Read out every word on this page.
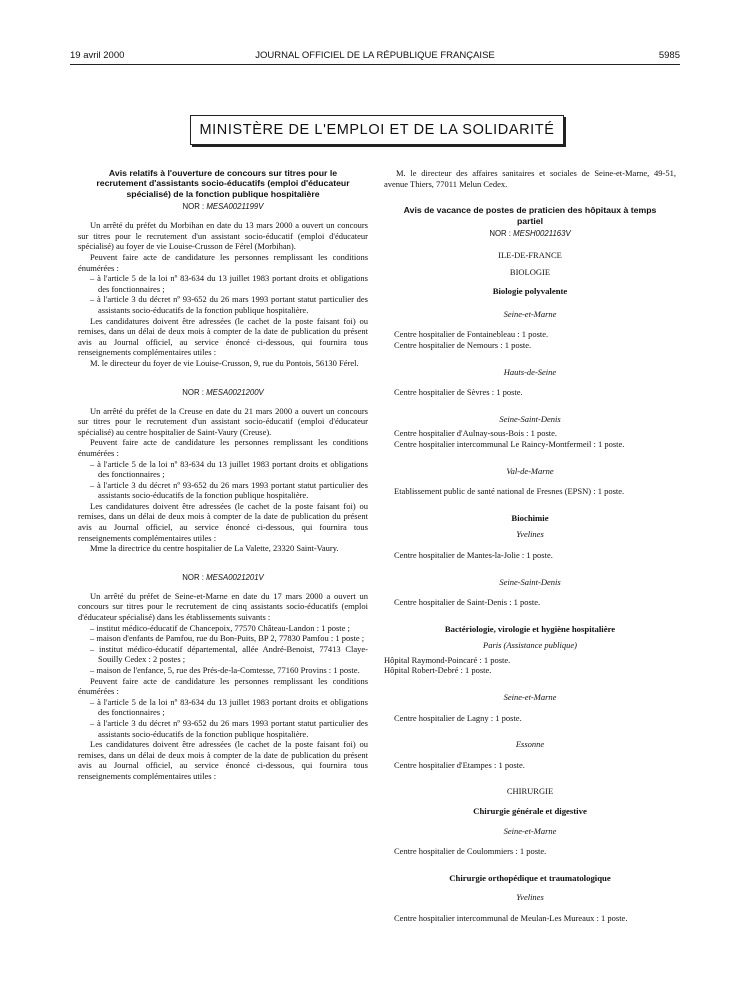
19 avril 2000	JOURNAL OFFICIEL DE LA RÉPUBLIQUE FRANÇAISE	5985
MINISTÈRE DE L'EMPLOI ET DE LA SOLIDARITÉ
Avis relatifs à l'ouverture de concours sur titres pour le recrutement d'assistants socio-éducatifs (emploi d'éducateur spécialisé) de la fonction publique hospitalière
NOR : MESA0021199V

Un arrêté du préfet du Morbihan en date du 13 mars 2000 a ouvert un concours sur titres pour le recrutement d'un assistant socio-éducatif (emploi d'éducateur spécialisé) au foyer de vie Louise-Crusson de Férel (Morbihan).

Peuvent faire acte de candidature les personnes remplissant les conditions énumérées :

– à l'article 5 de la loi nº 83-634 du 13 juillet 1983 portant droits et obligations des fonctionnaires ;
– à l'article 3 du décret nº 93-652 du 26 mars 1993 portant statut particulier des assistants socio-éducatifs de la fonction publique hospitalière.

Les candidatures doivent être adressées (le cachet de la poste faisant foi) ou remises, dans un délai de deux mois à compter de la date de publication du présent avis au Journal officiel, au service énoncé ci-dessous, qui fournira tous renseignements complémentaires utiles :

M. le directeur du foyer de vie Louise-Crusson, 9, rue du Pontois, 56130 Férel.

NOR : MESA0021200V

Un arrêté du préfet de la Creuse en date du 21 mars 2000 a ouvert un concours sur titres pour le recrutement d'un assistant socio-éducatif (emploi d'éducateur spécialisé) au centre hospitalier de Saint-Vaury (Creuse).

Peuvent faire acte de candidature les personnes remplissant les conditions énumérées :

– à l'article 5 de la loi nº 83-634 du 13 juillet 1983 portant droits et obligations des fonctionnaires ;
– à l'article 3 du décret nº 93-652 du 26 mars 1993 portant statut particulier des assistants socio-éducatifs de la fonction publique hospitalière.

Les candidatures doivent être adressées (le cachet de la poste faisant foi) ou remises, dans un délai de deux mois à compter de la date de publication du présent avis au Journal officiel, au service énoncé ci-dessous, qui fournira tous renseignements complémentaires utiles :

Mme la directrice du centre hospitalier de La Valette, 23320 Saint-Vaury.

NOR : MESA0021201V

Un arrêté du préfet de Seine-et-Marne en date du 17 mars 2000 a ouvert un concours sur titres pour le recrutement de cinq assistants socio-éducatifs (emploi d'éducateur spécialisé) dans les établissements suivants :

– institut médico-éducatif de Chancepoix, 77570 Château-Landon : 1 poste ;
– maison d'enfants de Pamfou, rue du Bon-Puits, BP 2, 77830 Pamfou : 1 poste ;
– institut médico-éducatif départemental, allée André-Benoist, 77413 Claye-Souilly Cedex : 2 postes ;
– maison de l'enfance, 5, rue des Prés-de-la-Comtesse, 77160 Provins : 1 poste.

Peuvent faire acte de candidature les personnes remplissant les conditions énumérées :

– à l'article 5 de la loi nº 83-634 du 13 juillet 1983 portant droits et obligations des fonctionnaires ;
– à l'article 3 du décret nº 93-652 du 26 mars 1993 portant statut particulier des assistants socio-éducatifs de la fonction publique hospitalière.

Les candidatures doivent être adressées (le cachet de la poste faisant foi) ou remises, dans un délai de deux mois à compter de la date de publication du présent avis au Journal officiel, au service énoncé ci-dessous, qui fournira tous renseignements complémentaires utiles :

M. le directeur des affaires sanitaires et sociales de Seine-et-Marne, 49-51, avenue Thiers, 77011 Melun Cedex.

Avis de vacance de postes de praticien des hôpitaux à temps partiel
NOR : MESH0021163V
ILE-DE-FRANCE
BIOLOGIE
Biologie polyvalente
Seine-et-Marne
Centre hospitalier de Fontainebleau : 1 poste.
Centre hospitalier de Nemours : 1 poste.
Hauts-de-Seine
Centre hospitalier de Sèvres : 1 poste.
Seine-Saint-Denis
Centre hospitalier d'Aulnay-sous-Bois : 1 poste.
Centre hospitalier intercommunal Le Raincy-Montfermeil : 1 poste.
Val-de-Marne
Etablissement public de santé national de Fresnes (EPSN) : 1 poste.
Biochimie
Yvelines
Centre hospitalier de Mantes-la-Jolie : 1 poste.
Seine-Saint-Denis
Centre hospitalier de Saint-Denis : 1 poste.
Bactériologie, virologie et hygiène hospitalière
Paris (Assistance publique)
Hôpital Raymond-Poincaré : 1 poste.
Hôpital Robert-Debré : 1 poste.
Seine-et-Marne
Centre hospitalier de Lagny : 1 poste.
Essonne
Centre hospitalier d'Etampes : 1 poste.
CHIRURGIE
Chirurgie générale et digestive
Seine-et-Marne
Centre hospitalier de Coulommiers : 1 poste.
Chirurgie orthopédique et traumatologique
Yvelines
Centre hospitalier intercommunal de Meulan-Les Mureaux : 1 poste.
